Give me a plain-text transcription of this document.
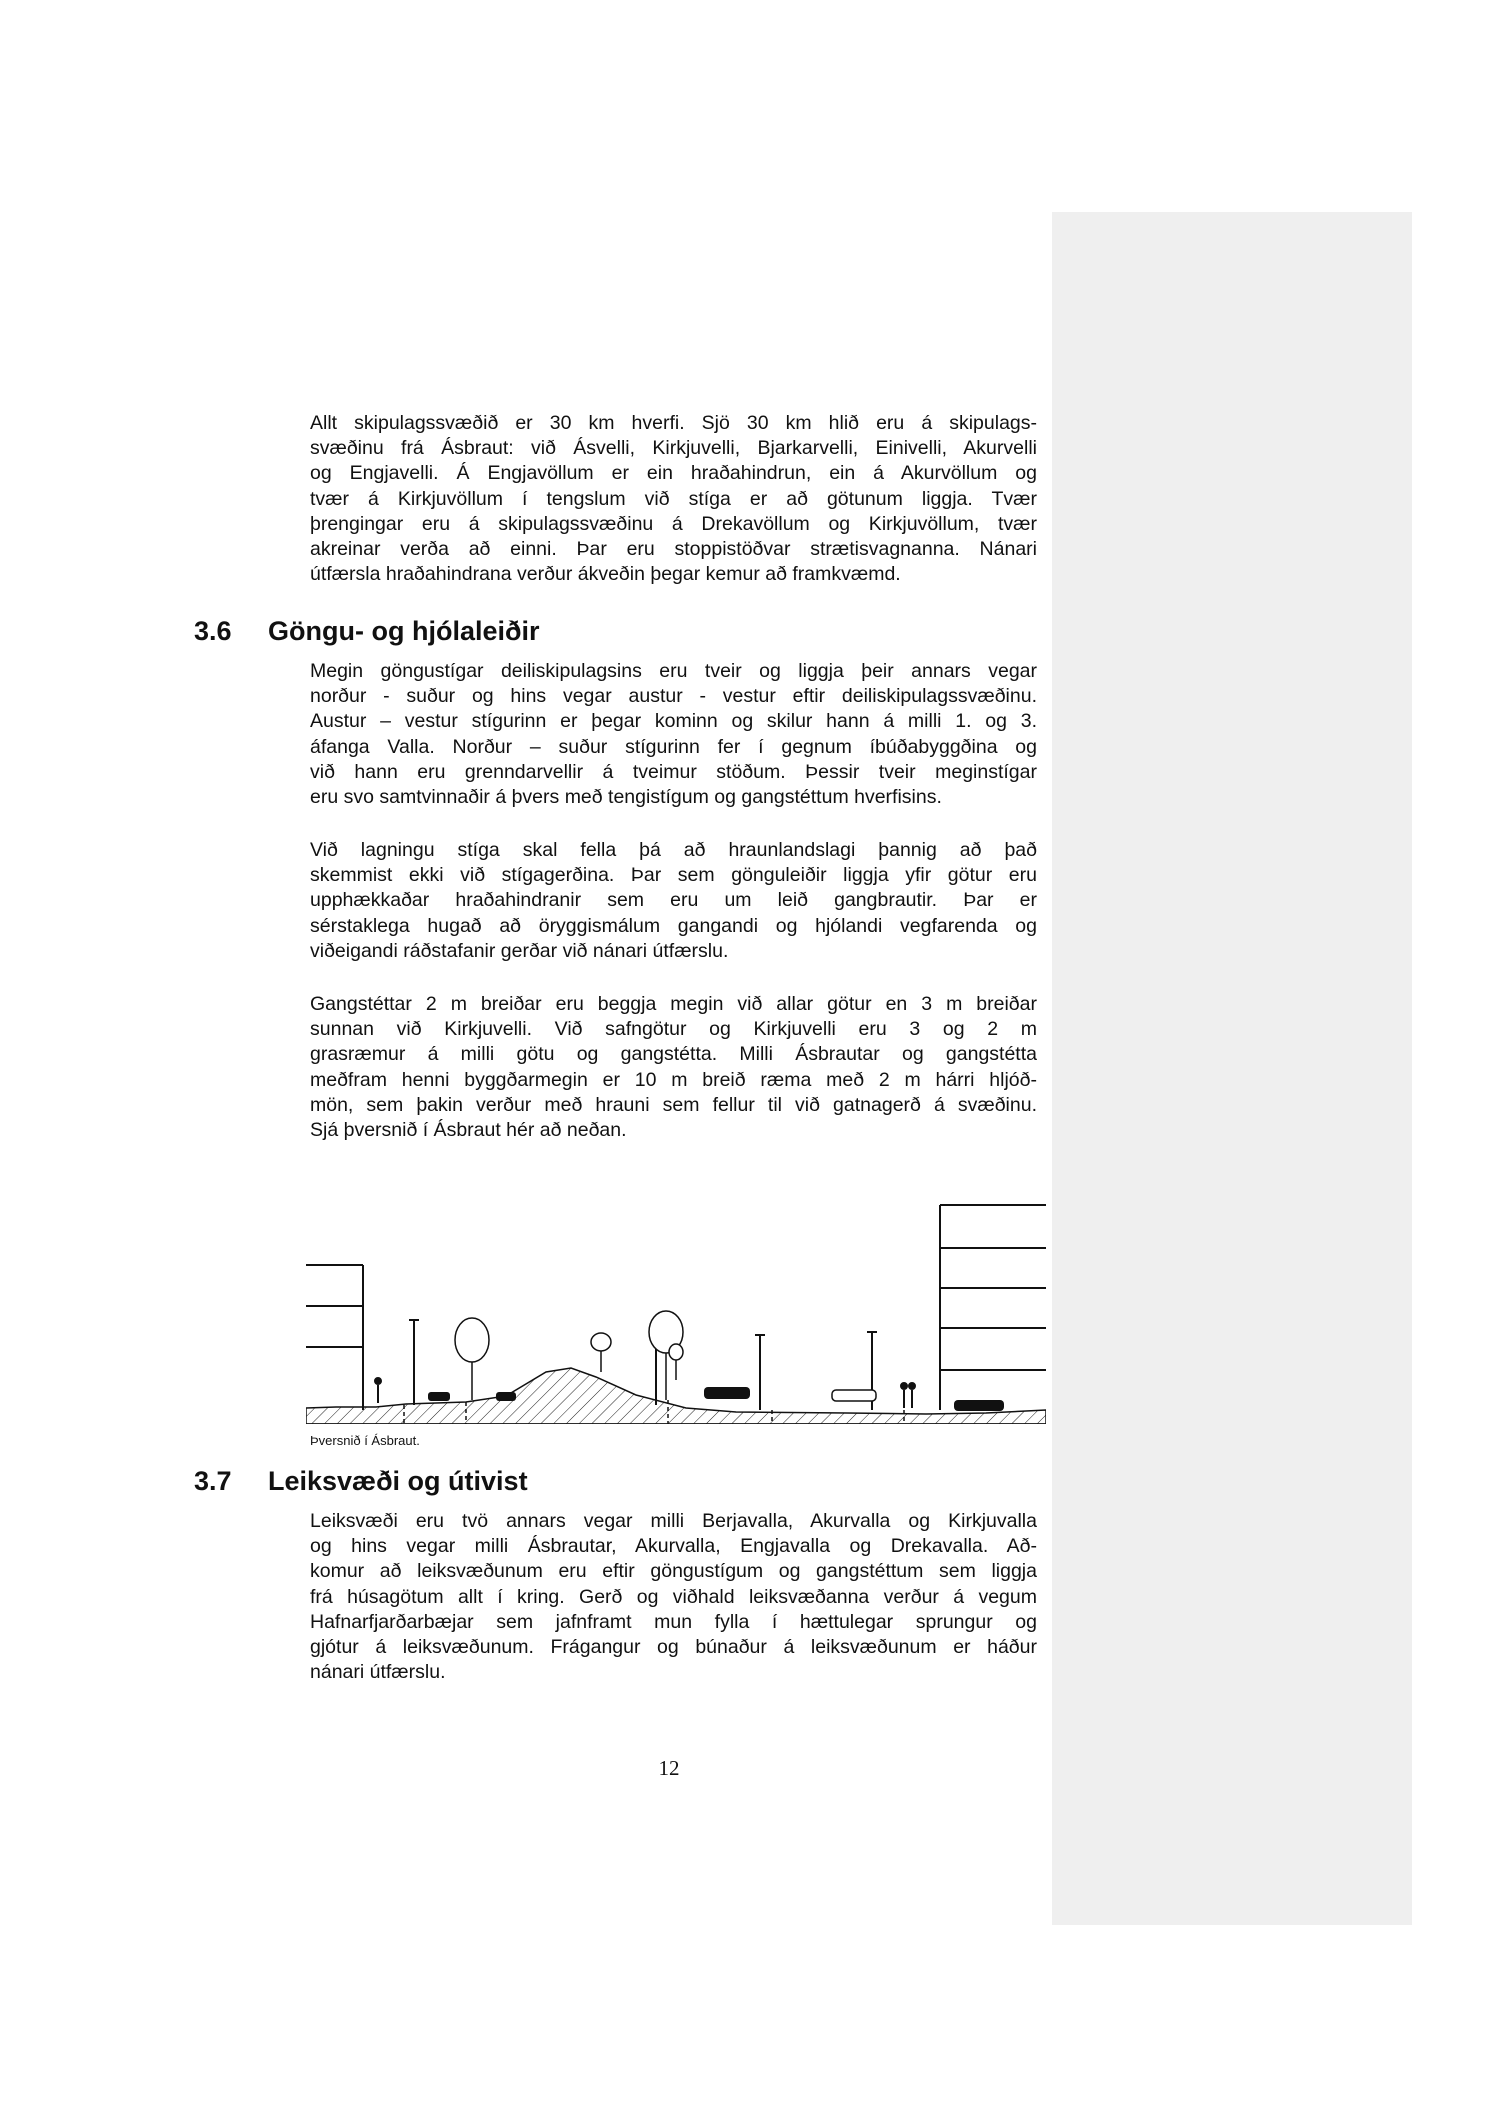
Allt skipulagssvæðið er 30 km hverfi. Sjö 30 km hlið eru á skipulags-
svæðinu frá Ásbraut: við Ásvelli, Kirkjuvelli, Bjarkarvelli, Einivelli, Akurvelli
og Engjavelli. Á Engjavöllum er ein hraðahindrun, ein á Akurvöllum og
tvær á Kirkjuvöllum í tengslum við stíga er að götunum liggja. Tvær
þrengingar eru á skipulagssvæðinu á Drekavöllum og Kirkjuvöllum, tvær
akreinar verða að einni. Þar eru stoppistöðvar strætisvagnanna. Nánari
útfærsla hraðahindrana verður ákveðin þegar kemur að framkvæmd.

3.6 Göngu- og hjólaleiðir

Megin göngustígar deiliskipulagsins eru tveir og liggja þeir annars vegar
norður - suður og hins vegar austur - vestur eftir deiliskipulagssvæðinu.
Austur – vestur stígurinn er þegar kominn og skilur hann á milli 1. og 3.
áfanga Valla. Norður – suður stígurinn fer í gegnum íbúðabyggðina og
við hann eru grenndarvellir á tveimur stöðum. Þessir tveir meginstígar
eru svo samtvinnaðir á þvers með tengistígum og gangstéttum hverfisins.

Við lagningu stíga skal fella þá að hraunlandslagi þannig að það
skemmist ekki við stígagerðina. Þar sem gönguleiðir liggja yfir götur eru
upphækkaðar hraðahindranir sem eru um leið gangbrautir. Þar er
sérstaklega hugað að öryggismálum gangandi og hjólandi vegfarenda og
viðeigandi ráðstafanir gerðar við nánari útfærslu.

Gangstéttar 2 m breiðar eru beggja megin við allar götur en 3 m breiðar
sunnan við Kirkjuvelli. Við safngötur og Kirkjuvelli eru 3 og 2 m
grasræmur á milli götu og gangstétta. Milli Ásbrautar og gangstétta
meðfram henni byggðarmegin er 10 m breið ræma með 2 m hárri hljóð-
mön, sem þakin verður með hrauni sem fellur til við gatnagerð á svæðinu.
Sjá þversnið í Ásbraut hér að neðan.

Þversnið í Ásbraut.

3.7 Leiksvæði og útivist

Leiksvæði eru tvö annars vegar milli Berjavalla, Akurvalla og Kirkjuvalla
og hins vegar milli Ásbrautar, Akurvalla, Engjavalla og Drekavalla. Að-
komur að leiksvæðunum eru eftir göngustígum og gangstéttum sem liggja
frá húsagötum allt í kring. Gerð og viðhald leiksvæðanna verður á vegum
Hafnarfjarðarbæjar sem jafnframt mun fylla í hættulegar sprungur og
gjótur á leiksvæðunum. Frágangur og búnaður á leiksvæðunum er háður
nánari útfærslu.

12
